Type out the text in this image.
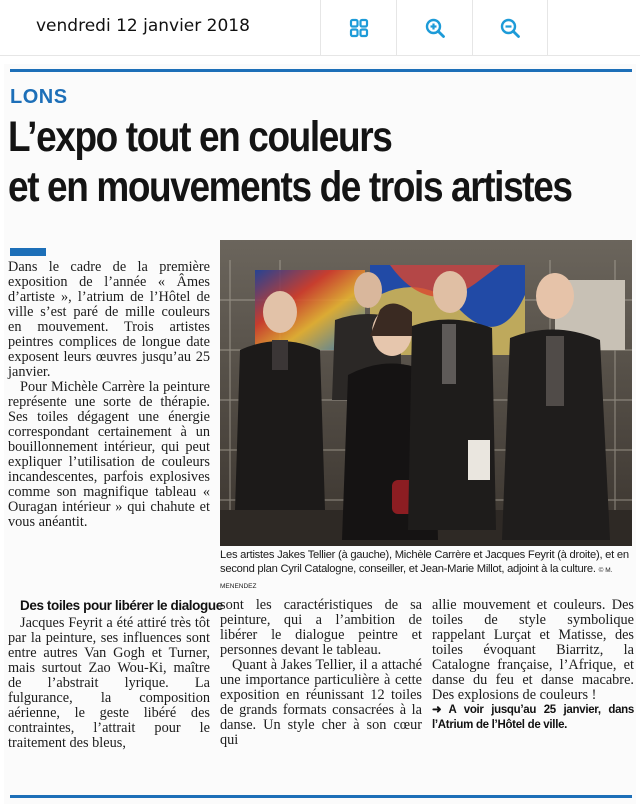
vendredi 12 janvier 2018
LONS
L’expo tout en couleurs
et en mouvements de trois artistes

Dans le cadre de la première exposition de l’année « Âmes d’artiste », l’atrium de l’Hôtel de ville s’est paré de mille couleurs en mouvement. Trois artistes peintres complices de longue date exposent leurs œuvres jusqu’au 25 janvier.

Pour Michèle Carrère la peinture représente une sorte de thérapie. Ses toiles dégagent une énergie correspondant certainement à un bouillonnement intérieur, qui peut expliquer l’utilisation de couleurs incandescentes, parfois explosives comme son magnifique tableau « Ouragan intérieur » qui chahute et vous anéantit.

Les artistes Jakes Tellier (à gauche), Michèle Carrère et Jacques Feyrit (à droite), et en second plan Cyril Catalogne, conseiller, et Jean-Marie Millot, adjoint à la culture. © M. MENENDEZ
Des toiles pour libérer le dialogue

Jacques Feyrit a été attiré très tôt par la peinture, ses influences sont entre autres Van Gogh et Turner, mais surtout Zao Wou-Ki, maître de l’abstrait lyrique. La fulgurance, la composition aérienne, le geste libéré des contraintes, l’attrait pour le traitement des bleus,

sont les caractéristiques de sa peinture, qui a l’ambition de libérer le dialogue peintre et personnes devant le tableau.

Quant à Jakes Tellier, il a attaché une importance particulière à cette exposition en réunissant 12 toiles de grands formats consacrées à la danse. Un style cher à son cœur qui

allie mouvement et couleurs. Des toiles de style symbolique rappelant Lurçat et Matisse, des toiles évoquant Biarritz, la Catalogne française, l’Afrique, et danse du feu et danse macabre. Des explosions de couleurs !

➜ A voir jusqu’au 25 janvier, dans l’Atrium de l’Hôtel de ville.
